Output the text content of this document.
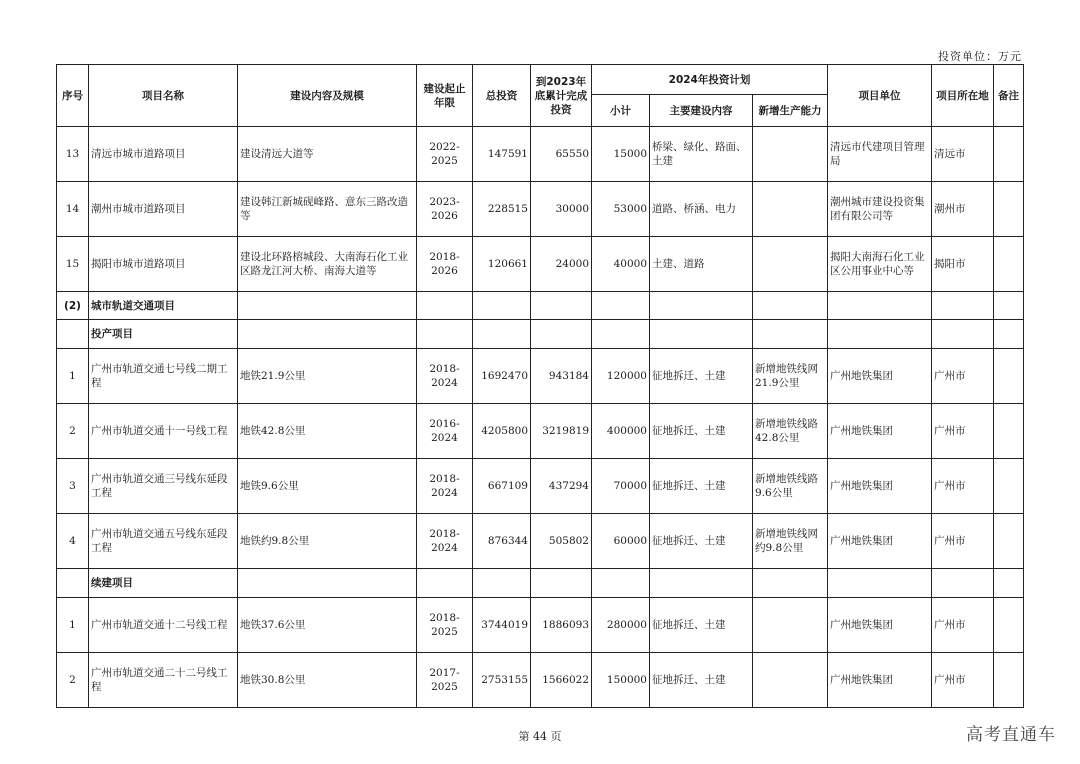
投资单位：万元
序号	项目名称	建设内容及规模	建设起止年限	总投资	到2023年底累计完成投资	2024年投资计划			项目单位	项目所在地	备注
						小计	主要建设内容	新增生产能力			
13	清远市城市道路项目	建设清远大道等	2022-2025	147591	65550	15000	桥梁、绿化、路面、土建		清远市代建项目管理局	清远市	
14	潮州市城市道路项目	建设韩江新城砚峰路、意东三路改造等	2023-2026	228515	30000	53000	道路、桥涵、电力		潮州城市建设投资集团有限公司等	潮州市	
15	揭阳市城市道路项目	建设北环路榕城段、大南海石化工业区路龙江河大桥、南海大道等	2018-2026	120661	24000	40000	土建、道路		揭阳大南海石化工业区公用事业中心等	揭阳市	
(2)	城市轨道交通项目										
	投产项目										
1	广州市轨道交通七号线二期工程	地铁21.9公里	2018-2024	1692470	943184	120000	征地拆迁、土建	新增地铁线网21.9公里	广州地铁集团	广州市	
2	广州市轨道交通十一号线工程	地铁42.8公里	2016-2024	4205800	3219819	400000	征地拆迁、土建	新增地铁线路42.8公里	广州地铁集团	广州市	
3	广州市轨道交通三号线东延段工程	地铁9.6公里	2018-2024	667109	437294	70000	征地拆迁、土建	新增地铁线路9.6公里	广州地铁集团	广州市	
4	广州市轨道交通五号线东延段工程	地铁约9.8公里	2018-2024	876344	505802	60000	征地拆迁、土建	新增地铁线网约9.8公里	广州地铁集团	广州市	
	续建项目										
1	广州市轨道交通十二号线工程	地铁37.6公里	2018-2025	3744019	1886093	280000	征地拆迁、土建		广州地铁集团	广州市	
2	广州市轨道交通二十二号线工程	地铁30.8公里	2017-2025	2753155	1566022	150000	征地拆迁、土建		广州地铁集团	广州市	
第 44 页	高考直通车
